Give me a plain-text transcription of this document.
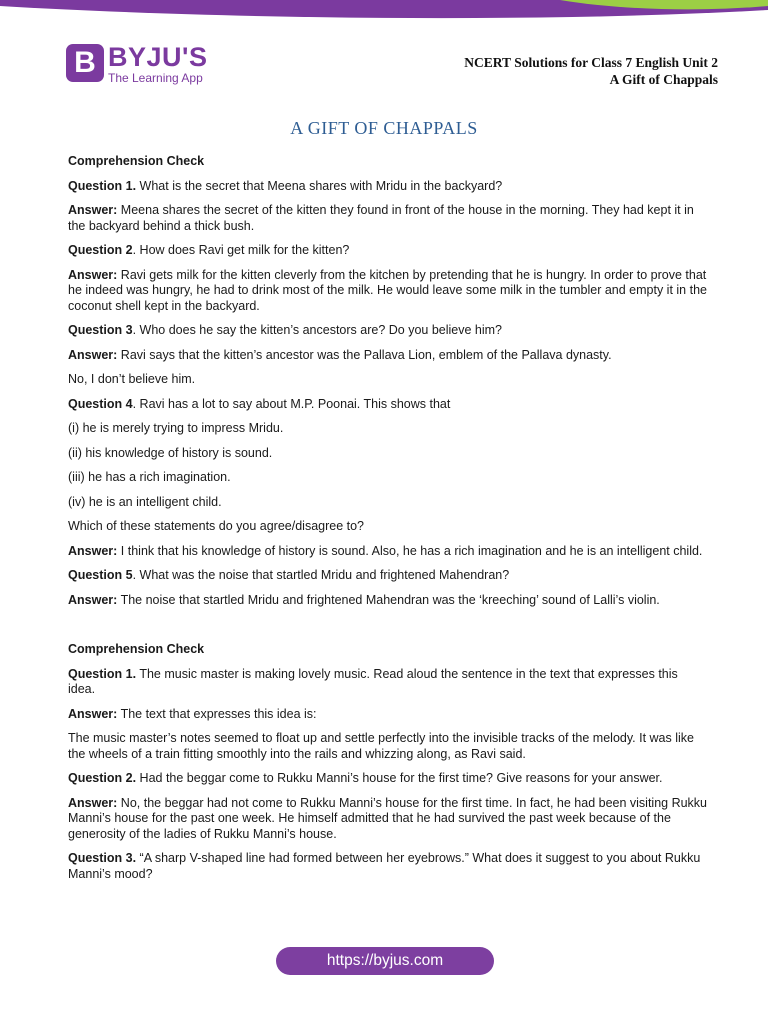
B BYJU'S
The Learning App
NCERT Solutions for Class 7 English Unit 2
A Gift of Chappals
A GIFT OF CHAPPALS

Comprehension Check

Question 1. What is the secret that Meena shares with Mridu in the backyard?

Answer: Meena shares the secret of the kitten they found in front of the house in the morning. They had kept it in the backyard behind a thick bush.

Question 2. How does Ravi get milk for the kitten?

Answer: Ravi gets milk for the kitten cleverly from the kitchen by pretending that he is hungry. In order to prove that he indeed was hungry, he had to drink most of the milk. He would leave some milk in the tumbler and empty it in the coconut shell kept in the backyard.

Question 3. Who does he say the kitten’s ancestors are? Do you believe him?

Answer: Ravi says that the kitten’s ancestor was the Pallava Lion, emblem of the Pallava dynasty.

No, I don’t believe him.

Question 4. Ravi has a lot to say about M.P. Poonai. This shows that

(i) he is merely trying to impress Mridu.

(ii) his knowledge of history is sound.

(iii) he has a rich imagination.

(iv) he is an intelligent child.

Which of these statements do you agree/disagree to?

Answer: I think that his knowledge of history is sound. Also, he has a rich imagination and he is an intelligent child.

Question 5. What was the noise that startled Mridu and frightened Mahendran?

Answer: The noise that startled Mridu and frightened Mahendran was the ‘kreeching’ sound of Lalli’s violin.

Comprehension Check

Question 1. The music master is making lovely music. Read aloud the sentence in the text that expresses this idea.

Answer: The text that expresses this idea is:

The music master’s notes seemed to float up and settle perfectly into the invisible tracks of the melody. It was like the wheels of a train fitting smoothly into the rails and whizzing along, as Ravi said.

Question 2. Had the beggar come to Rukku Manni’s house for the first time? Give reasons for your answer.

Answer: No, the beggar had not come to Rukku Manni’s house for the first time. In fact, he had been visiting Rukku Manni’s house for the past one week. He himself admitted that he had survived the past week because of the generosity of the ladies of Rukku Manni’s house.

Question 3. “A sharp V-shaped line had formed between her eyebrows.” What does it suggest to you about Rukku Manni’s mood?

https://byjus.com
